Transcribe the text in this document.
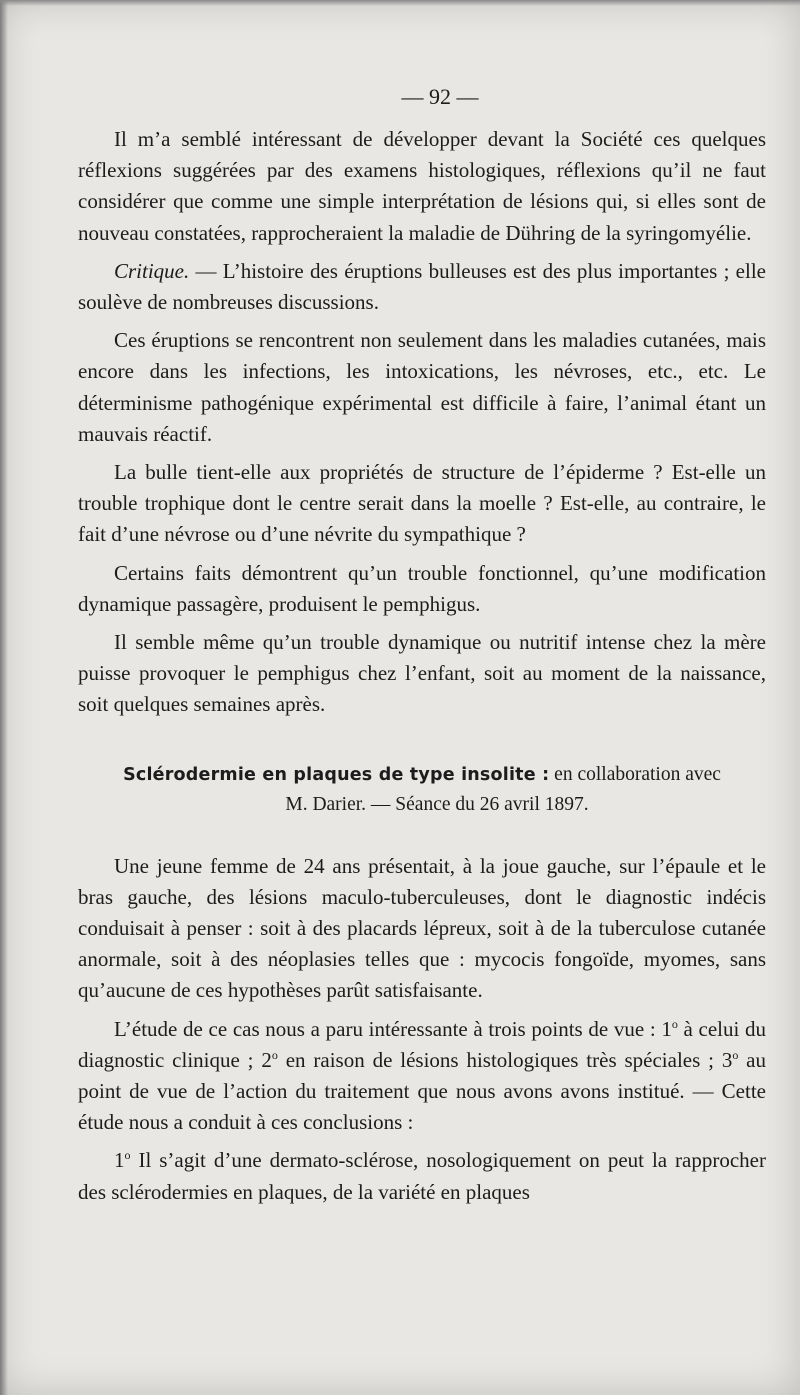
— 92 —

Il m’a semblé intéressant de développer devant la Société ces quelques réflexions suggérées par des examens histologiques, réflexions qu’il ne faut considérer que comme une simple interprétation de lésions qui, si elles sont de nouveau constatées, rapprocheraient la maladie de Dühring de la syringomyélie.

Critique. — L’histoire des éruptions bulleuses est des plus importantes ; elle soulève de nombreuses discussions.

Ces éruptions se rencontrent non seulement dans les maladies cutanées, mais encore dans les infections, les intoxications, les névroses, etc., etc. Le déterminisme pathogénique expérimental est difficile à faire, l’animal étant un mauvais réactif.

La bulle tient-elle aux propriétés de structure de l’épiderme ? Est-elle un trouble trophique dont le centre serait dans la moelle ? Est-elle, au contraire, le fait d’une névrose ou d’une névrite du sympathique ?

Certains faits démontrent qu’un trouble fonctionnel, qu’une modification dynamique passagère, produisent le pemphigus.

Il semble même qu’un trouble dynamique ou nutritif intense chez la mère puisse provoquer le pemphigus chez l’enfant, soit au moment de la naissance, soit quelques semaines après.

Sclérodermie en plaques de type insolite : en collaboration avec
M. Darier. — Séance du 26 avril 1897.

Une jeune femme de 24 ans présentait, à la joue gauche, sur l’épaule et le bras gauche, des lésions maculo-tuberculeuses, dont le diagnostic indécis conduisait à penser : soit à des placards lépreux, soit à de la tuberculose cutanée anormale, soit à des néoplasies telles que : mycocis fongoïde, myomes, sans qu’aucune de ces hypothèses parût satisfaisante.

L’étude de ce cas nous a paru intéressante à trois points de vue : 1$^o$ à celui du diagnostic clinique ; 2$^o$ en raison de lésions histologiques très spéciales ; 3$^o$ au point de vue de l’action du traitement que nous avons avons institué. — Cette étude nous a conduit à ces conclusions :

1$^o$ Il s’agit d’une dermato-sclérose, nosologiquement on peut la rapprocher des sclérodermies en plaques, de la variété en plaques
